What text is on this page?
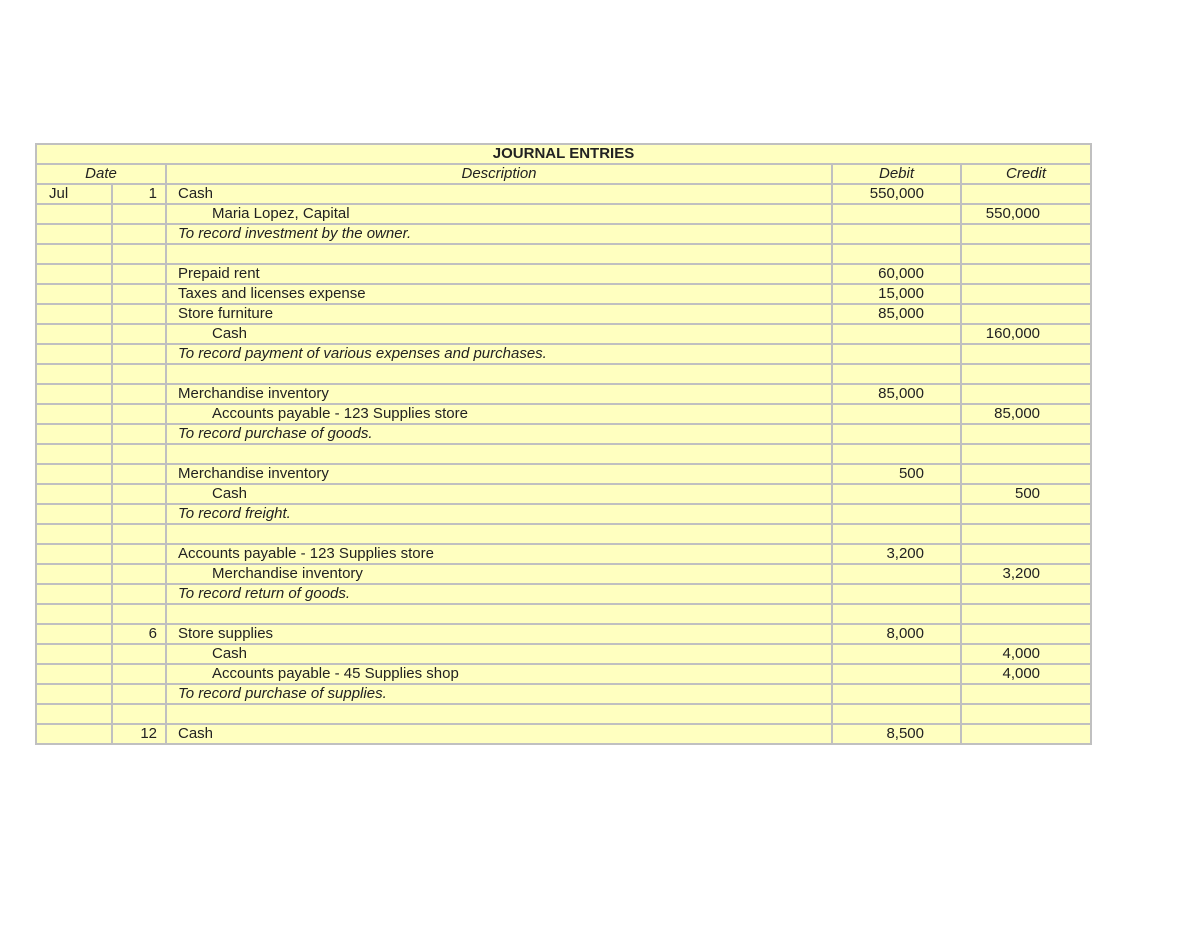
JOURNAL ENTRIES				
Date		Description	Debit	Credit
Jul	1	Cash	550,000	
		Maria Lopez, Capital		550,000
		To record investment by the owner.		

		Prepaid rent	60,000	
		Taxes and licenses expense	15,000	
		Store furniture	85,000	
		Cash		160,000
		To record payment of various expenses and purchases.		

		Merchandise inventory	85,000	
		Accounts payable - 123 Supplies store		85,000
		To record purchase of goods.		

		Merchandise inventory	500	
		Cash		500
		To record freight.		

		Accounts payable - 123 Supplies store	3,200	
		Merchandise inventory		3,200
		To record return of goods.		

	6	Store supplies	8,000	
		Cash		4,000
		Accounts payable - 45 Supplies shop		4,000
		To record purchase of supplies.		

	12	Cash	8,500	
